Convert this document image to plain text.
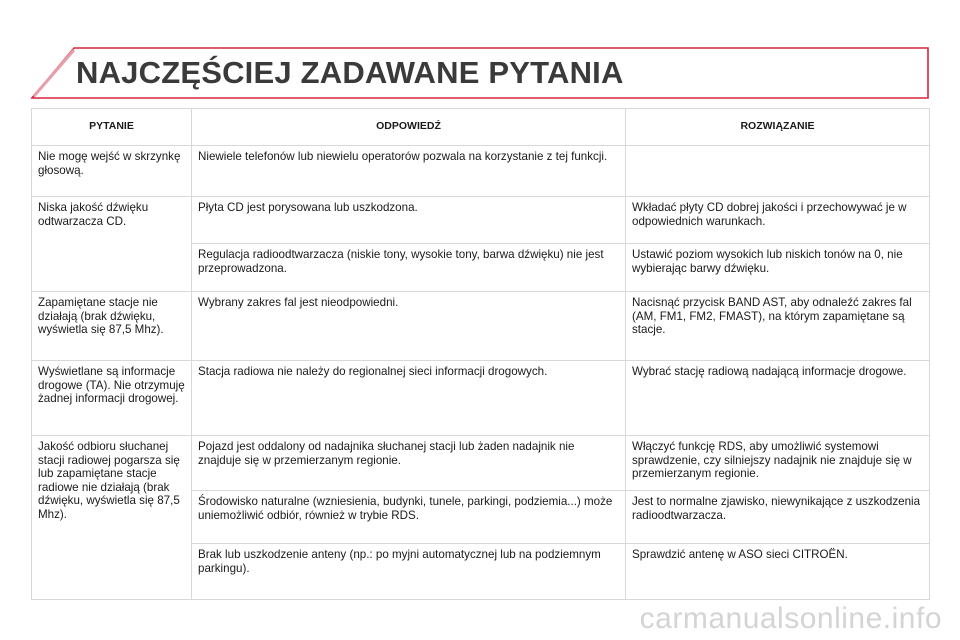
NAJCZĘŚCIEJ ZADAWANE PYTANIA
PYTANIE	ODPOWIEDŹ	ROZWIĄZANIE
Nie mogę wejść w skrzynkę głosową.	Niewiele telefonów lub niewielu operatorów pozwala na korzystanie z tej funkcji.	
Niska jakość dźwięku odtwarzacza CD.	Płyta CD jest porysowana lub uszkodzona.	Wkładać płyty CD dobrej jakości i przechowywać je w odpowiednich warunkach.
	Regulacja radioodtwarzacza (niskie tony, wysokie tony, barwa dźwięku) nie jest przeprowadzona.	Ustawić poziom wysokich lub niskich tonów na 0, nie wybierając barwy dźwięku.
Zapamiętane stacje nie działają (brak dźwięku, wyświetla się 87,5 Mhz).	Wybrany zakres fal jest nieodpowiedni.	Nacisnąć przycisk BAND AST, aby odnaleźć zakres fal (AM, FM1, FM2, FMAST), na którym zapamiętane są stacje.
Wyświetlane są informacje drogowe (TA). Nie otrzymuję żadnej informacji drogowej.	Stacja radiowa nie należy do regionalnej sieci informacji drogowych.	Wybrać stację radiową nadającą informacje drogowe.
Jakość odbioru słuchanej stacji radiowej pogarsza się lub zapamiętane stacje radiowe nie działają (brak dźwięku, wyświetla się 87,5 Mhz).	Pojazd jest oddalony od nadajnika słuchanej stacji lub żaden nadajnik nie znajduje się w przemierzanym regionie.	Włączyć funkcję RDS, aby umożliwić systemowi sprawdzenie, czy silniejszy nadajnik nie znajduje się w przemierzanym regionie.
	Środowisko naturalne (wzniesienia, budynki, tunele, parkingi, podziemia...) może uniemożliwić odbiór, również w trybie RDS.	Jest to normalne zjawisko, niewynikające z uszkodzenia radioodtwarzacza.
	Brak lub uszkodzenie anteny (np.: po myjni automatycznej lub na podziemnym parkingu).	Sprawdzić antenę w ASO sieci CITROËN.
carmanualsonline.info
